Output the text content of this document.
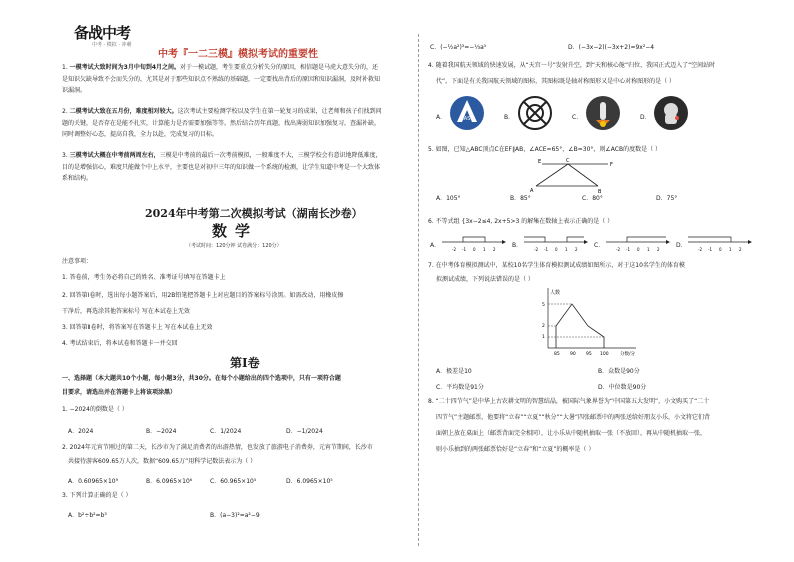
备战中考
中考 · 模拟 · 冲刺
中考『一二三模』模拟考试的重要性
1. 一模考试大致时间为3月中旬到4月之间。对于一模试题，考生要重点分析失分的原因，相信题是马虎大意失分的，还是知识欠缺导致不会而失分的，尤其是对于那些知识点不熟练的基础题，一定要找出背后的原因和知识漏洞，及时补救知识漏洞。
2. 二模考试大致在五月份，难度相对较大。这次考试主要检测学校以及学生在第一轮复习的成果，让老师和孩子们找到问题的关键，是否存在是能不扎实，计算能力是否需要加强等等。然后结合历年真题，找出薄弱知识加强复习，查漏补缺。同时调整好心态，提高自我，全力以赴，完成复习的目标。
3. 三模考试大概在中考前两周左右，三模是中考前的最后一次考前模拟，一般难度不大，三模学校会有意识地降低难度，目的是增强信心，难度只能做个中上水平，主要也是对初中三年的知识做一个系统的检测，让学生知道中考是一个大致体系和结构。
2024年中考第二次模拟考试（湖南长沙卷）
数学
（考试时间：120分钟 试卷满分：120分）
注意事项：
1. 答卷前，考生务必将自己的姓名、准考证号填写在答题卡上
2. 回答第Ⅰ卷时，选出每小题答案后，用2B铅笔把答题卡上对应题目的答案标号涂黑。如需改动，用橡皮擦
干净后，再选涂其他答案标号 写在本试卷上无效
3. 回答第Ⅱ卷时，将答案写在答题卡上 写在本试卷上无效
4. 考试结束后，将本试卷和答题卡一并交回
第Ⅰ卷
一、选择题（本大题共10个小题，每小题3分，共30分。在每个小题给出的四个选项中，只有一项符合题
目要求，请选出并在答题卡上将该项涂黑）
1. −2024的倒数是（ ）
A．2024	B．−2024	C．1/2024	D．−1/2024
2. 2024年元宵节刚过的第二天，长沙市为了满足消费者的出游热情，也发放了旅游电子消费券，元宵节期间，长沙市
共接待游客609.65万人次，数据“609.65万”用科学记数法表示为（ ）
A．0.60965×10⁹	B．6.0965×10⁶	C．60.965×10⁵	D．6.0965×10⁵
3. 下列计算正确的是（ ）
A．b²÷b²=b³	B．(a−3)²=a²−9
C．(−½a²)³=−⅓a⁵	D．(−3x−2)(−3x+2)=9x²−4
4. 随着我国航天领域的快速发展，从“天宫一号”发射升空，到“天和核心舱”归位，我国正式迈入了“空间站时
代”。下面是有关我国航天领域的图标，其图标既是轴对称图形又是中心对称图形的是（ ）
A．	CASC	B．	C．	D．
5. 如图，已知△ABC顶点C在EF∥AB，∠ACE=65°，∠B=30°，则∠ACB的度数是（ ）
E
A
C
B
F
A．105°	B．85°	C．80°	D．75°
6. 不等式组 {3x−2≤4, 2x+5>3 的解集在数轴上表示正确的是（ ）
A．
-2 -1 0 1 2
B．
-2 -1 0 1 2
C．
-2 -1 0 1 2
D．
-2 -1 0 1 2
7. 在中考体育模拟测试中，某校10名学生体育模拟测试成绩如图所示，对于这10名学生的体育模
拟测试成绩，下列说法错误的是（ ）
人数
分数/分
85 90 95 100
1
2
5
A．极差是10	B．众数是90分
C．平均数是91分	D．中位数是90分
8. “二十四节气”是中华上古农耕文明的智慧结晶，被国际气象界誉为“中国第五大发明”，小文购买了“二十
四节气”主题邮票，他要将“立春”“立夏”“秋分”“大暑”四张邮票中的两张送给好朋友小乐，小文将它们背
面朝上放在桌面上（邮票背面完全相同），让小乐从中随机抽取一张（不放回），再从中随机抽取一张，
则小乐抽到的两张邮票恰好是“立春”和“立夏”的概率是（ ）
